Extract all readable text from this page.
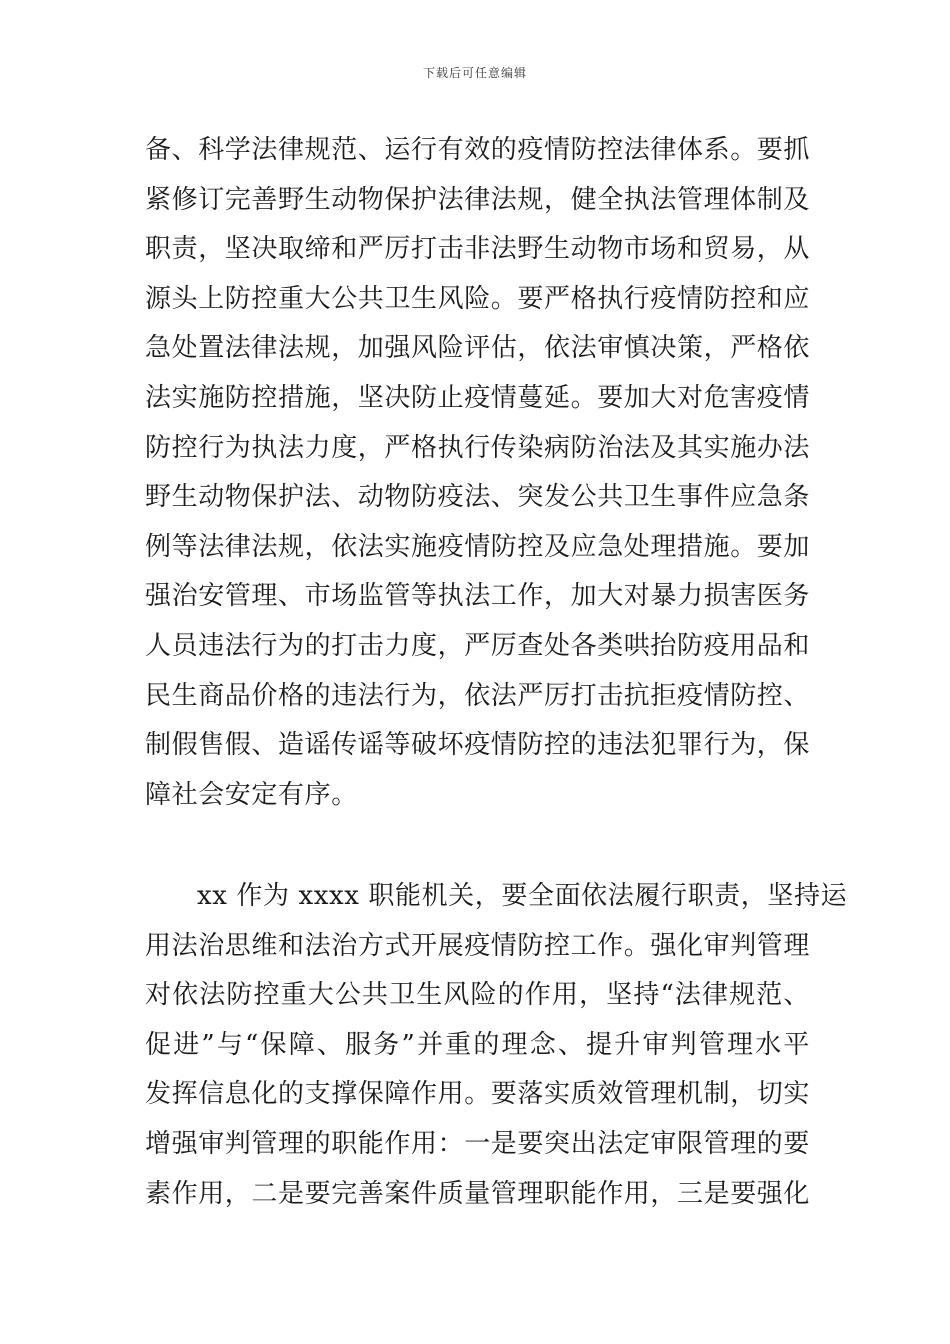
下载后可任意编辑
备、科学法律规范、运行有效的疫情防控法律体系。要抓
紧修订完善野生动物保护法律法规，健全执法管理体制及
职责，坚决取缔和严厉打击非法野生动物市场和贸易，从
源头上防控重大公共卫生风险。要严格执行疫情防控和应
急处置法律法规，加强风险评估，依法审慎决策，严格依
法实施防控措施，坚决防止疫情蔓延。要加大对危害疫情
防控行为执法力度，严格执行传染病防治法及其实施办法
野生动物保护法、动物防疫法、突发公共卫生事件应急条
例等法律法规，依法实施疫情防控及应急处理措施。要加
强治安管理、市场监管等执法工作，加大对暴力损害医务
人员违法行为的打击力度，严厉查处各类哄抬防疫用品和
民生商品价格的违法行为，依法严厉打击抗拒疫情防控、
制假售假、造谣传谣等破坏疫情防控的违法犯罪行为，保
障社会安定有序。
xx 作为 xxxx 职能机关，要全面依法履行职责，坚持运
用法治思维和法治方式开展疫情防控工作。强化审判管理
对依法防控重大公共卫生风险的作用，坚持“法律规范、
促进”与“保障、服务”并重的理念、提升审判管理水平
发挥信息化的支撑保障作用。要落实质效管理机制，切实
增强审判管理的职能作用：一是要突出法定审限管理的要
素作用，二是要完善案件质量管理职能作用，三是要强化
